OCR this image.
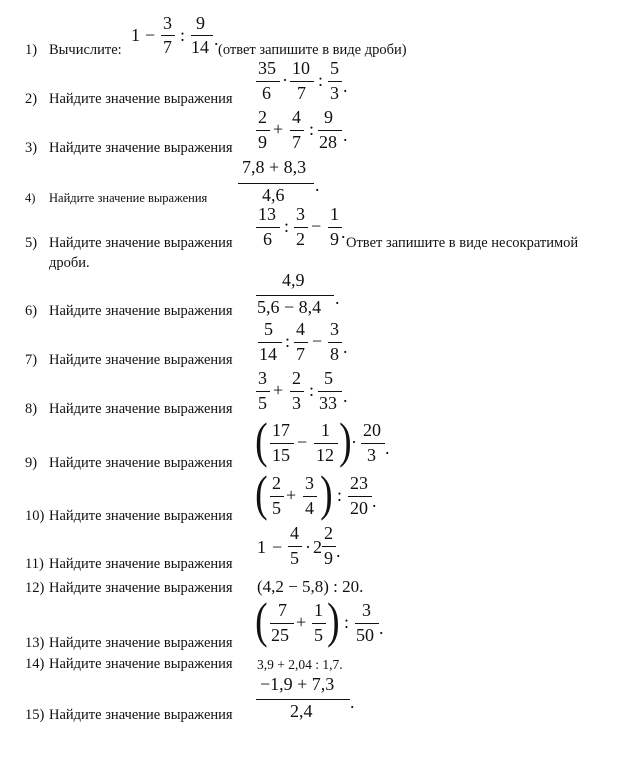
1) Вычислите:
1 −
3
7
:
9
14 .
(ответ запишите в виде дроби)
2) Найдите значение выражения
35
6
·
10
7
:
5
3 .
3) Найдите значение выражения
2
9
+
4
7
:
9
28 .
4) Найдите значение выражения
7,8 + 8,3
4,6 .
5) Найдите значение выражения
13
6
:
3
2
−
1
9 .
Ответ запишите в виде несократимой
дроби.
6) Найдите значение выражения
4,9
5,6 − 8,4 .
7) Найдите значение выражения
5
14
:
4
7
−
3
8 .
8) Найдите значение выражения
3
5
+
2
3
:
5
33 .
9) Найдите значение выражения ( 17
15
−
1
12 ) ·
20
3 .
10) Найдите значение выражения ( 2
5
+
3
4 ) :
23
20 .
11) Найдите значение выражения
1 −
4
5
· 2
2
9 .
12) Найдите значение выражения (4,2 − 5,8) : 20.
13) Найдите значение выражения ( 7
25
+
1
5 ) :
3
50 .
14) Найдите значение выражения 3,9 + 2,04 : 1,7.
15) Найдите значение выражения
−1,9 + 7,3
2,4 .
